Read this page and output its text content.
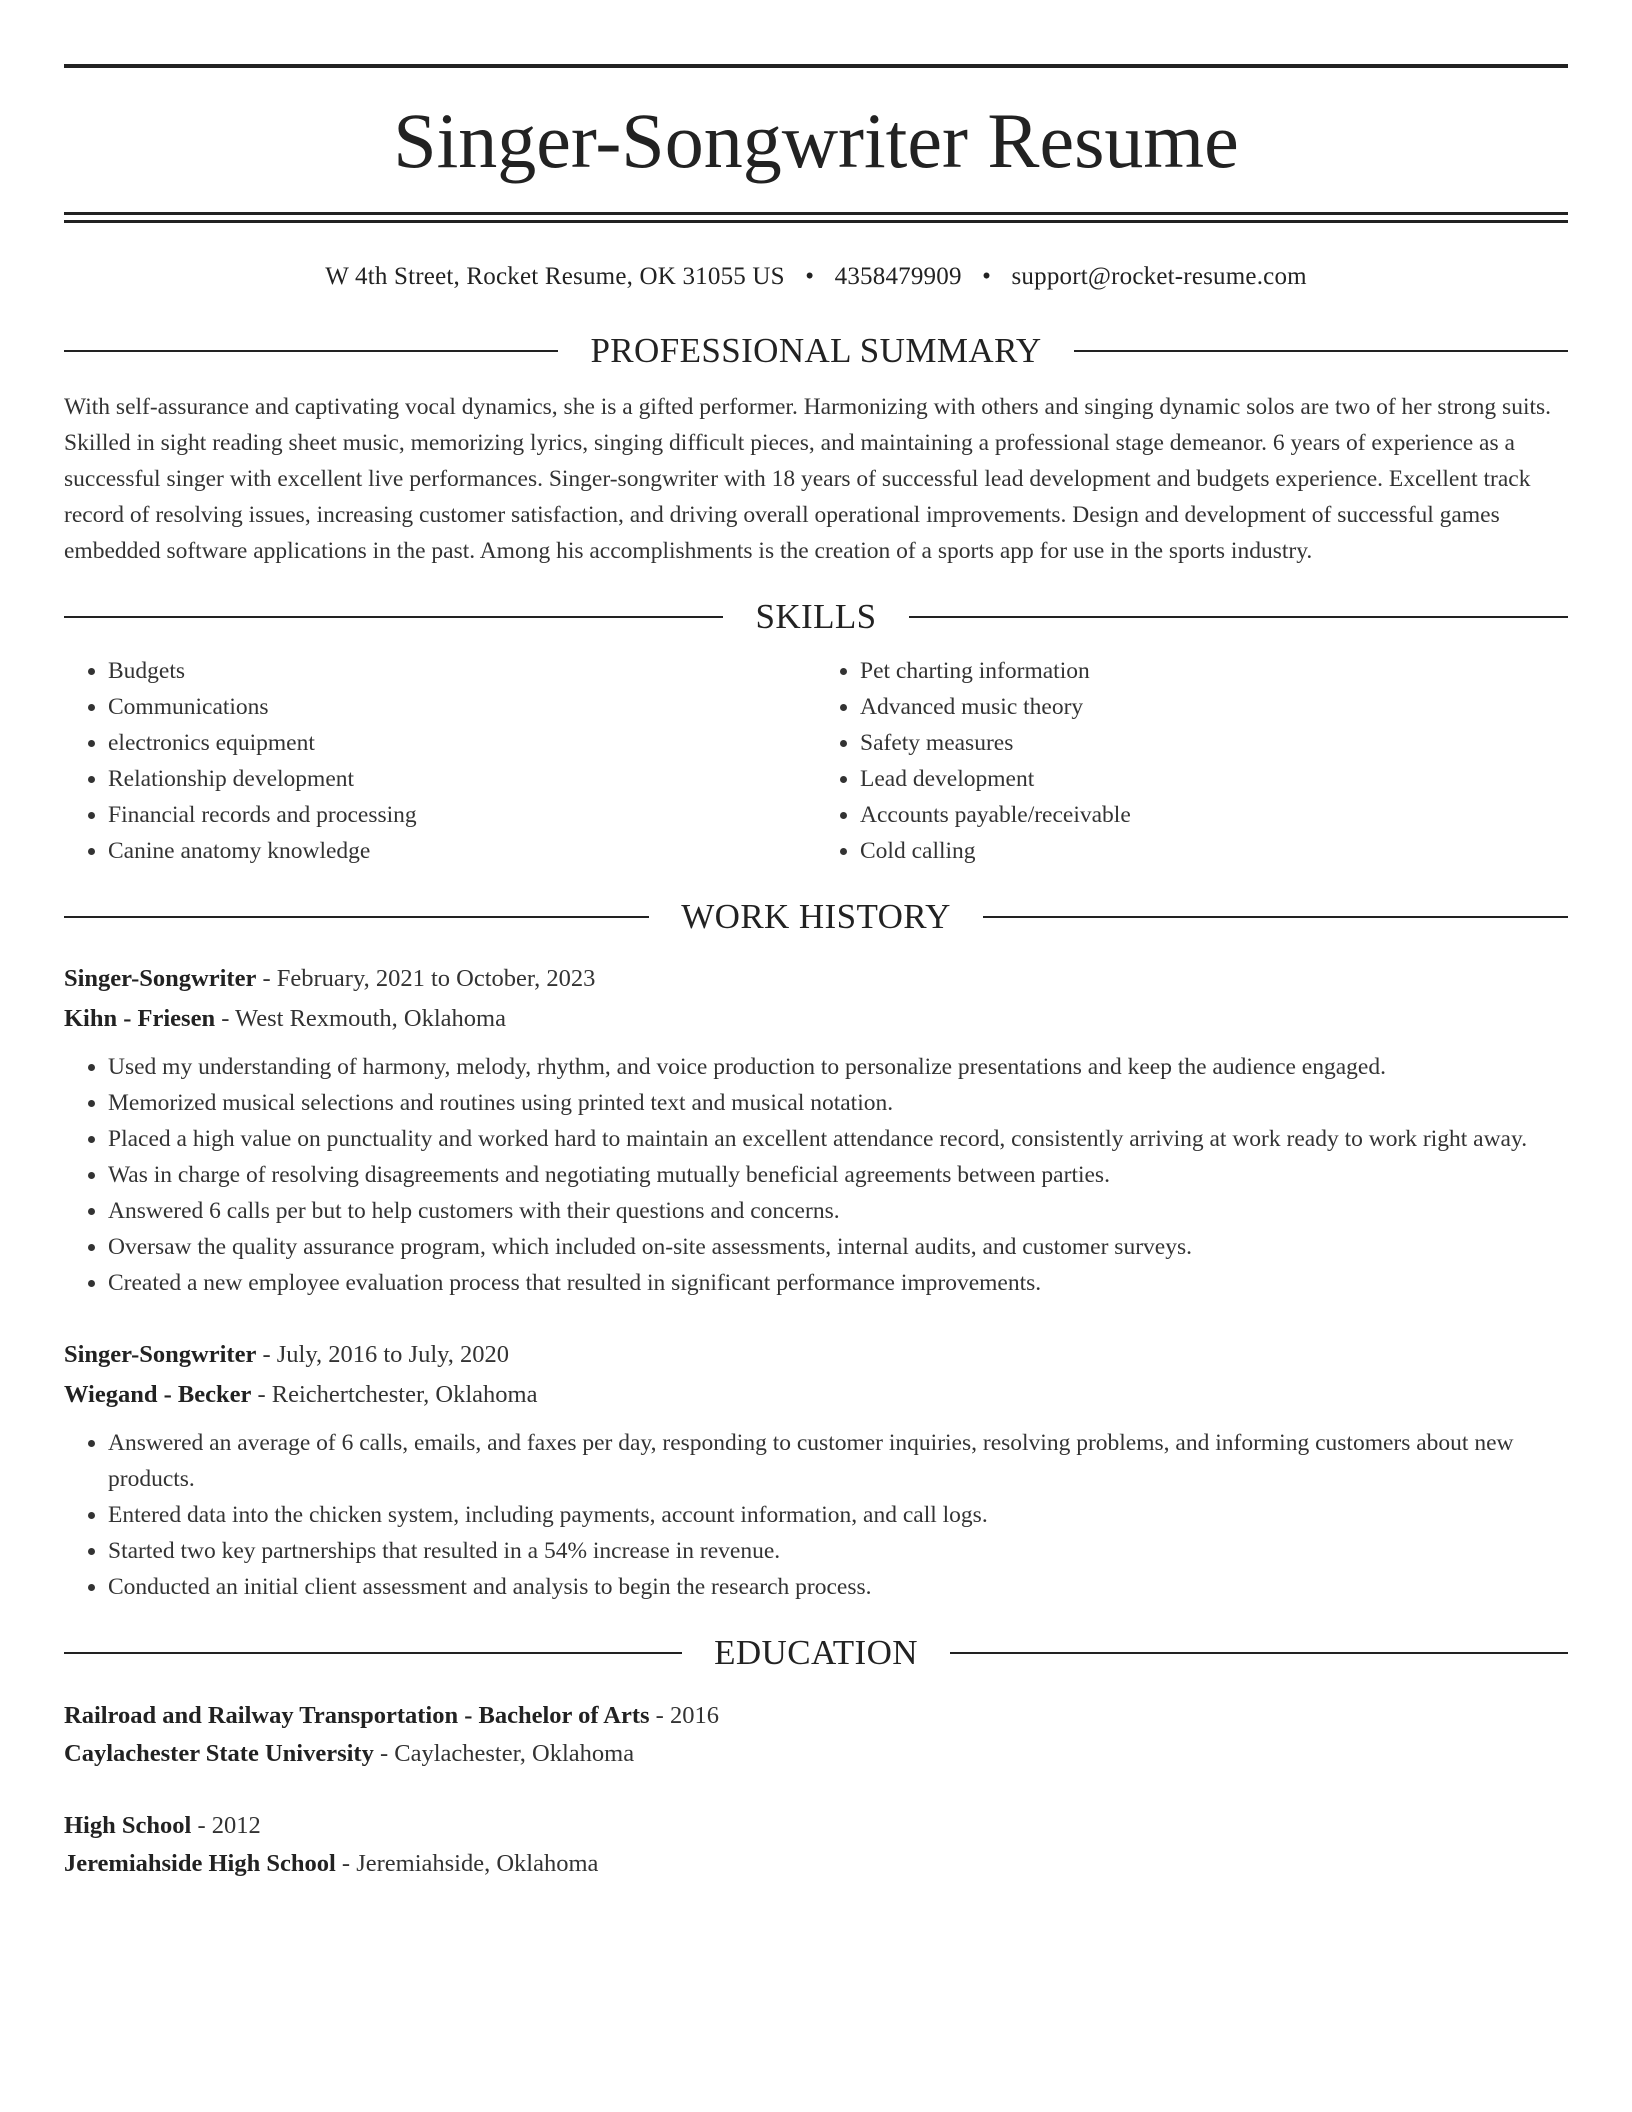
Singer-Songwriter Resume
W 4th Street, Rocket Resume, OK 31055 US • 4358479909 • support@rocket-resume.com
PROFESSIONAL SUMMARY
With self-assurance and captivating vocal dynamics, she is a gifted performer. Harmonizing with others and singing dynamic solos are two of her strong suits. Skilled in sight reading sheet music, memorizing lyrics, singing difficult pieces, and maintaining a professional stage demeanor. 6 years of experience as a successful singer with excellent live performances. Singer-songwriter with 18 years of successful lead development and budgets experience. Excellent track record of resolving issues, increasing customer satisfaction, and driving overall operational improvements. Design and development of successful games embedded software applications in the past. Among his accomplishments is the creation of a sports app for use in the sports industry.
SKILLS
• Budgets
• Communications
• electronics equipment
• Relationship development
• Financial records and processing
• Canine anatomy knowledge
• Pet charting information
• Advanced music theory
• Safety measures
• Lead development
• Accounts payable/receivable
• Cold calling
WORK HISTORY
Singer-Songwriter - February, 2021 to October, 2023
Kihn - Friesen - West Rexmouth, Oklahoma
• Used my understanding of harmony, melody, rhythm, and voice production to personalize presentations and keep the audience engaged.
• Memorized musical selections and routines using printed text and musical notation.
• Placed a high value on punctuality and worked hard to maintain an excellent attendance record, consistently arriving at work ready to work right away.
• Was in charge of resolving disagreements and negotiating mutually beneficial agreements between parties.
• Answered 6 calls per but to help customers with their questions and concerns.
• Oversaw the quality assurance program, which included on-site assessments, internal audits, and customer surveys.
• Created a new employee evaluation process that resulted in significant performance improvements.
Singer-Songwriter - July, 2016 to July, 2020
Wiegand - Becker - Reichertchester, Oklahoma
• Answered an average of 6 calls, emails, and faxes per day, responding to customer inquiries, resolving problems, and informing customers about new products.
• Entered data into the chicken system, including payments, account information, and call logs.
• Started two key partnerships that resulted in a 54% increase in revenue.
• Conducted an initial client assessment and analysis to begin the research process.
EDUCATION
Railroad and Railway Transportation - Bachelor of Arts - 2016
Caylachester State University - Caylachester, Oklahoma
High School - 2012
Jeremiahside High School - Jeremiahside, Oklahoma
